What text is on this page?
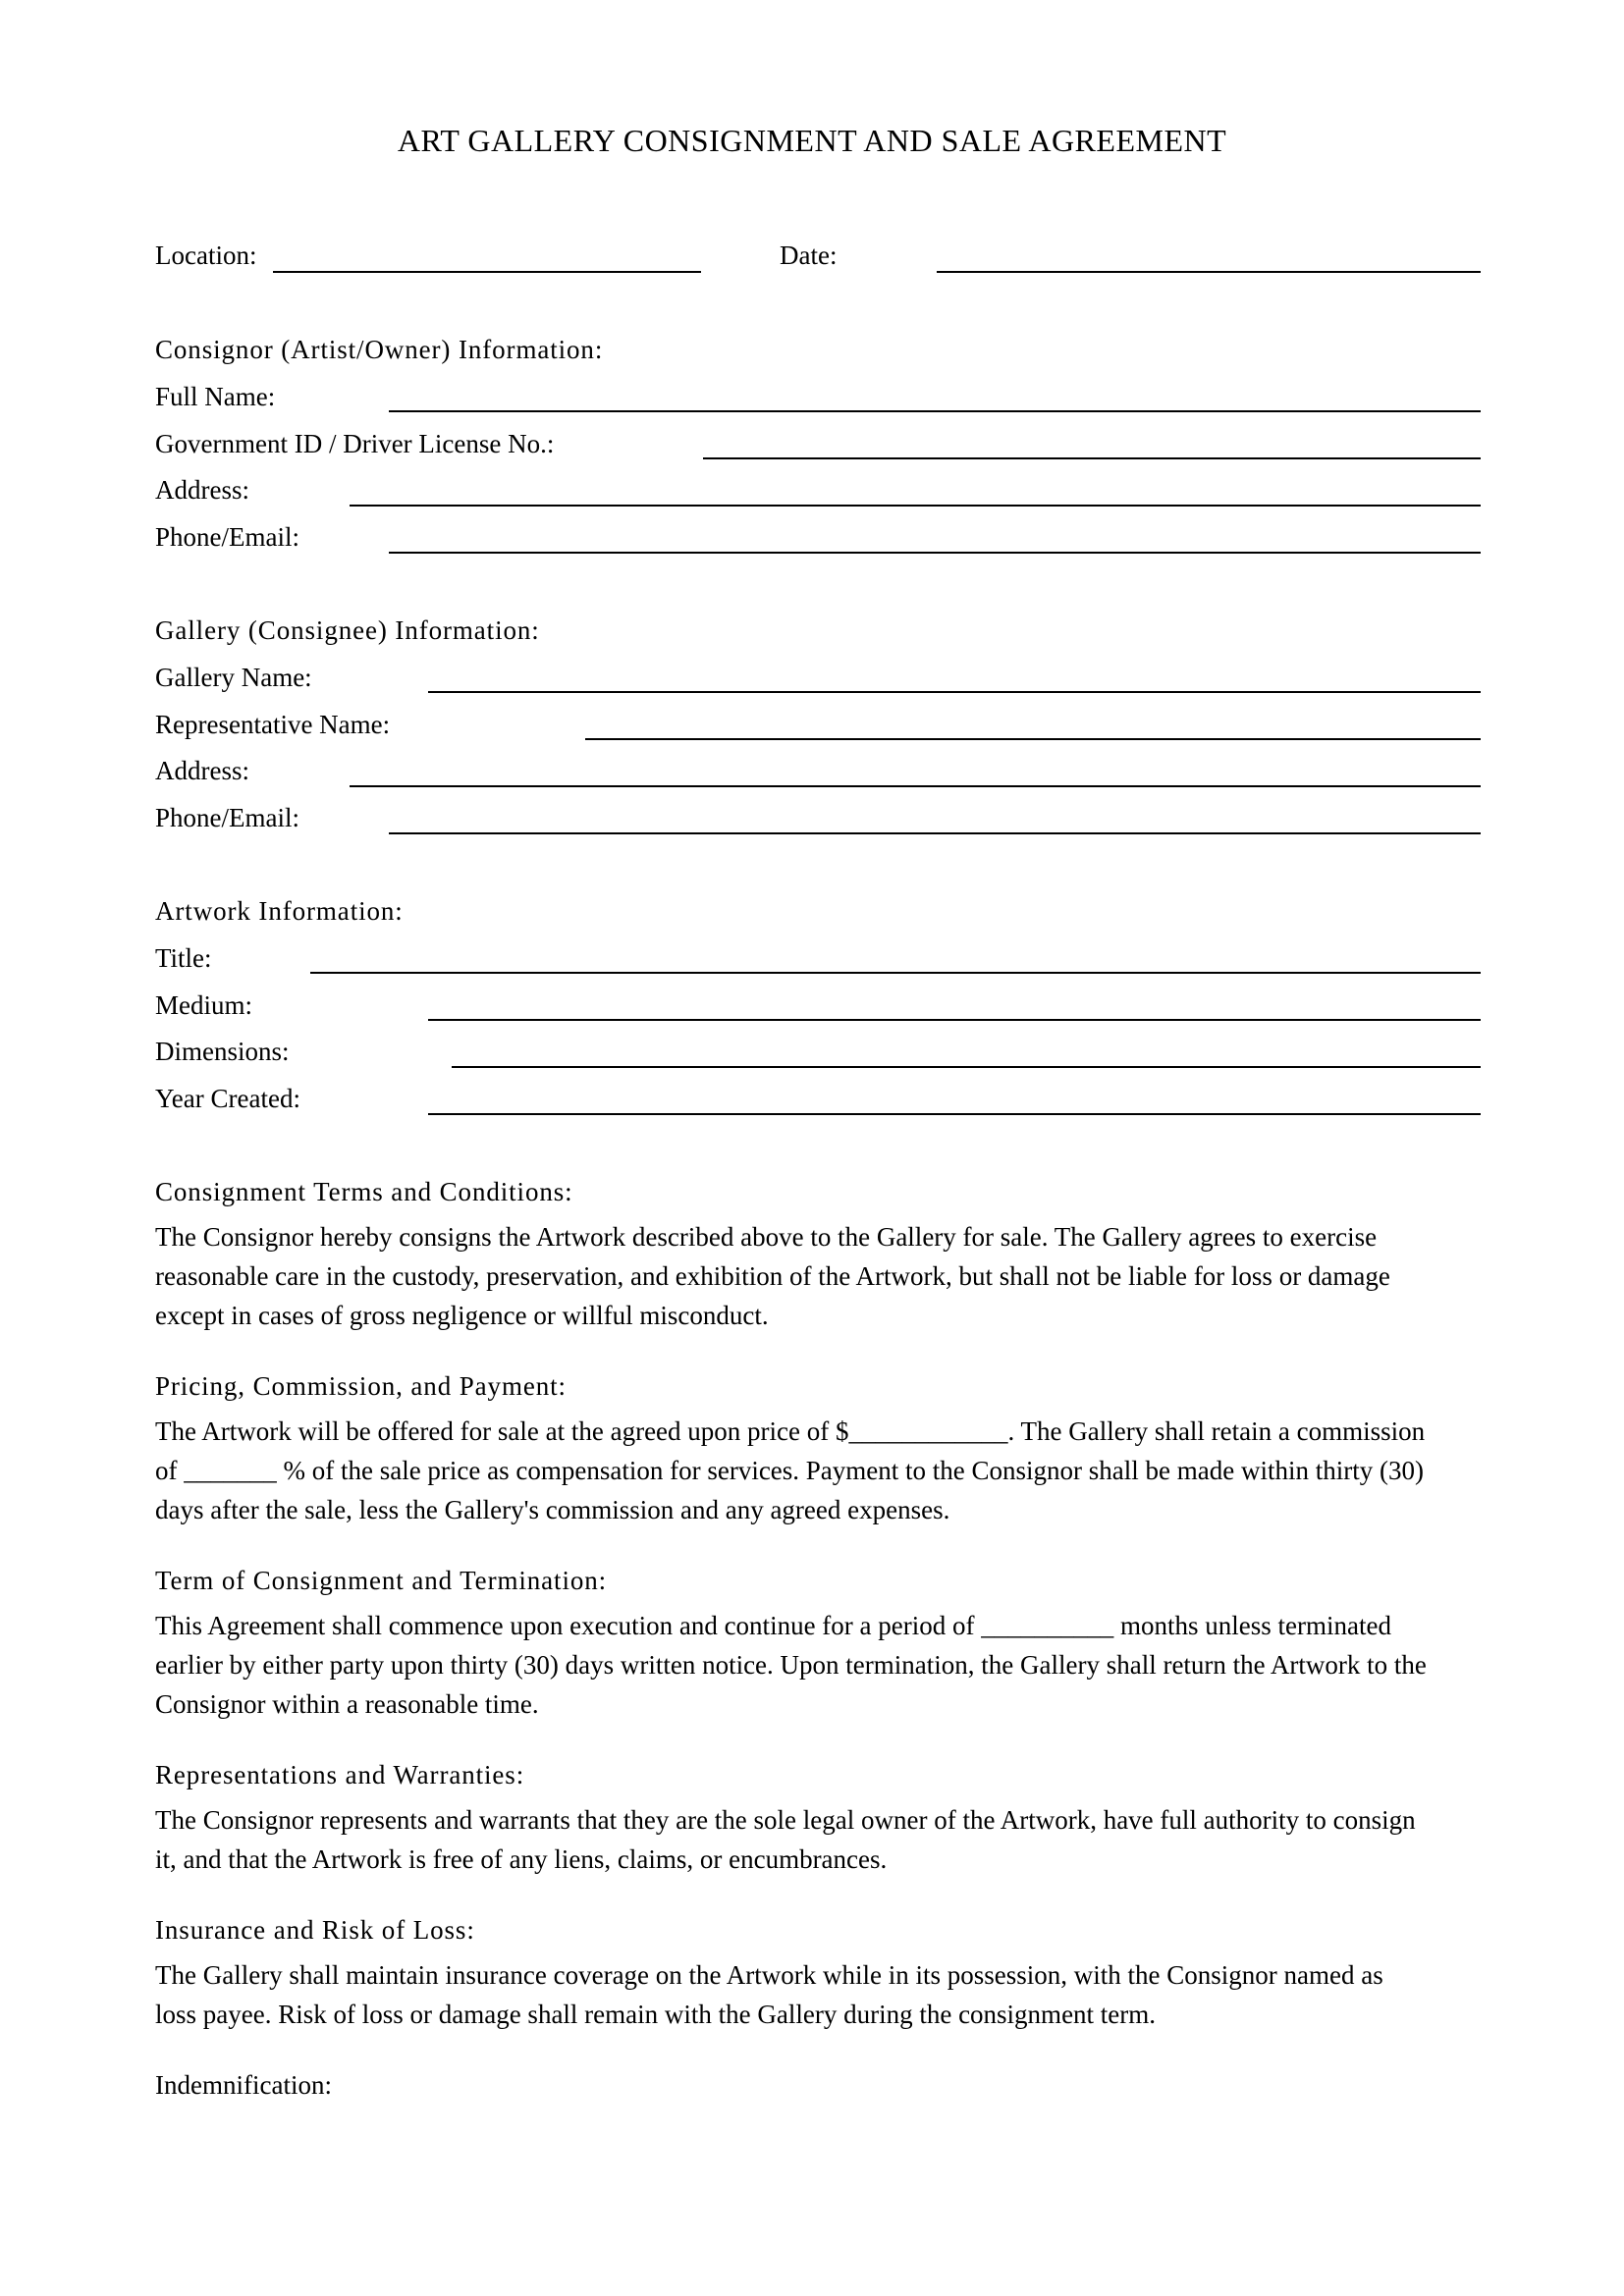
ART GALLERY CONSIGNMENT AND SALE AGREEMENT
Location:	Date:
Consignor (Artist/Owner) Information:
Full Name:
Government ID / Driver License No.:
Address:
Phone/Email:
Gallery (Consignee) Information:
Gallery Name:
Representative Name:
Address:
Phone/Email:
Artwork Information:
Title:
Medium:
Dimensions:
Year Created:
Consignment Terms and Conditions:

The Consignor hereby consigns the Artwork described above to the Gallery for sale. The Gallery agrees to exercise
reasonable care in the custody, preservation, and exhibition of the Artwork, but shall not be liable for loss or damage
except in cases of gross negligence or willful misconduct.

Pricing, Commission, and Payment:

The Artwork will be offered for sale at the agreed upon price of $____________. The Gallery shall retain a commission
of _______ % of the sale price as compensation for services. Payment to the Consignor shall be made within thirty (30)
days after the sale, less the Gallery's commission and any agreed expenses.

Term of Consignment and Termination:

This Agreement shall commence upon execution and continue for a period of __________ months unless terminated
earlier by either party upon thirty (30) days written notice. Upon termination, the Gallery shall return the Artwork to the
Consignor within a reasonable time.

Representations and Warranties:

The Consignor represents and warrants that they are the sole legal owner of the Artwork, have full authority to consign
it, and that the Artwork is free of any liens, claims, or encumbrances.

Insurance and Risk of Loss:

The Gallery shall maintain insurance coverage on the Artwork while in its possession, with the Consignor named as
loss payee. Risk of loss or damage shall remain with the Gallery during the consignment term.

Indemnification:
